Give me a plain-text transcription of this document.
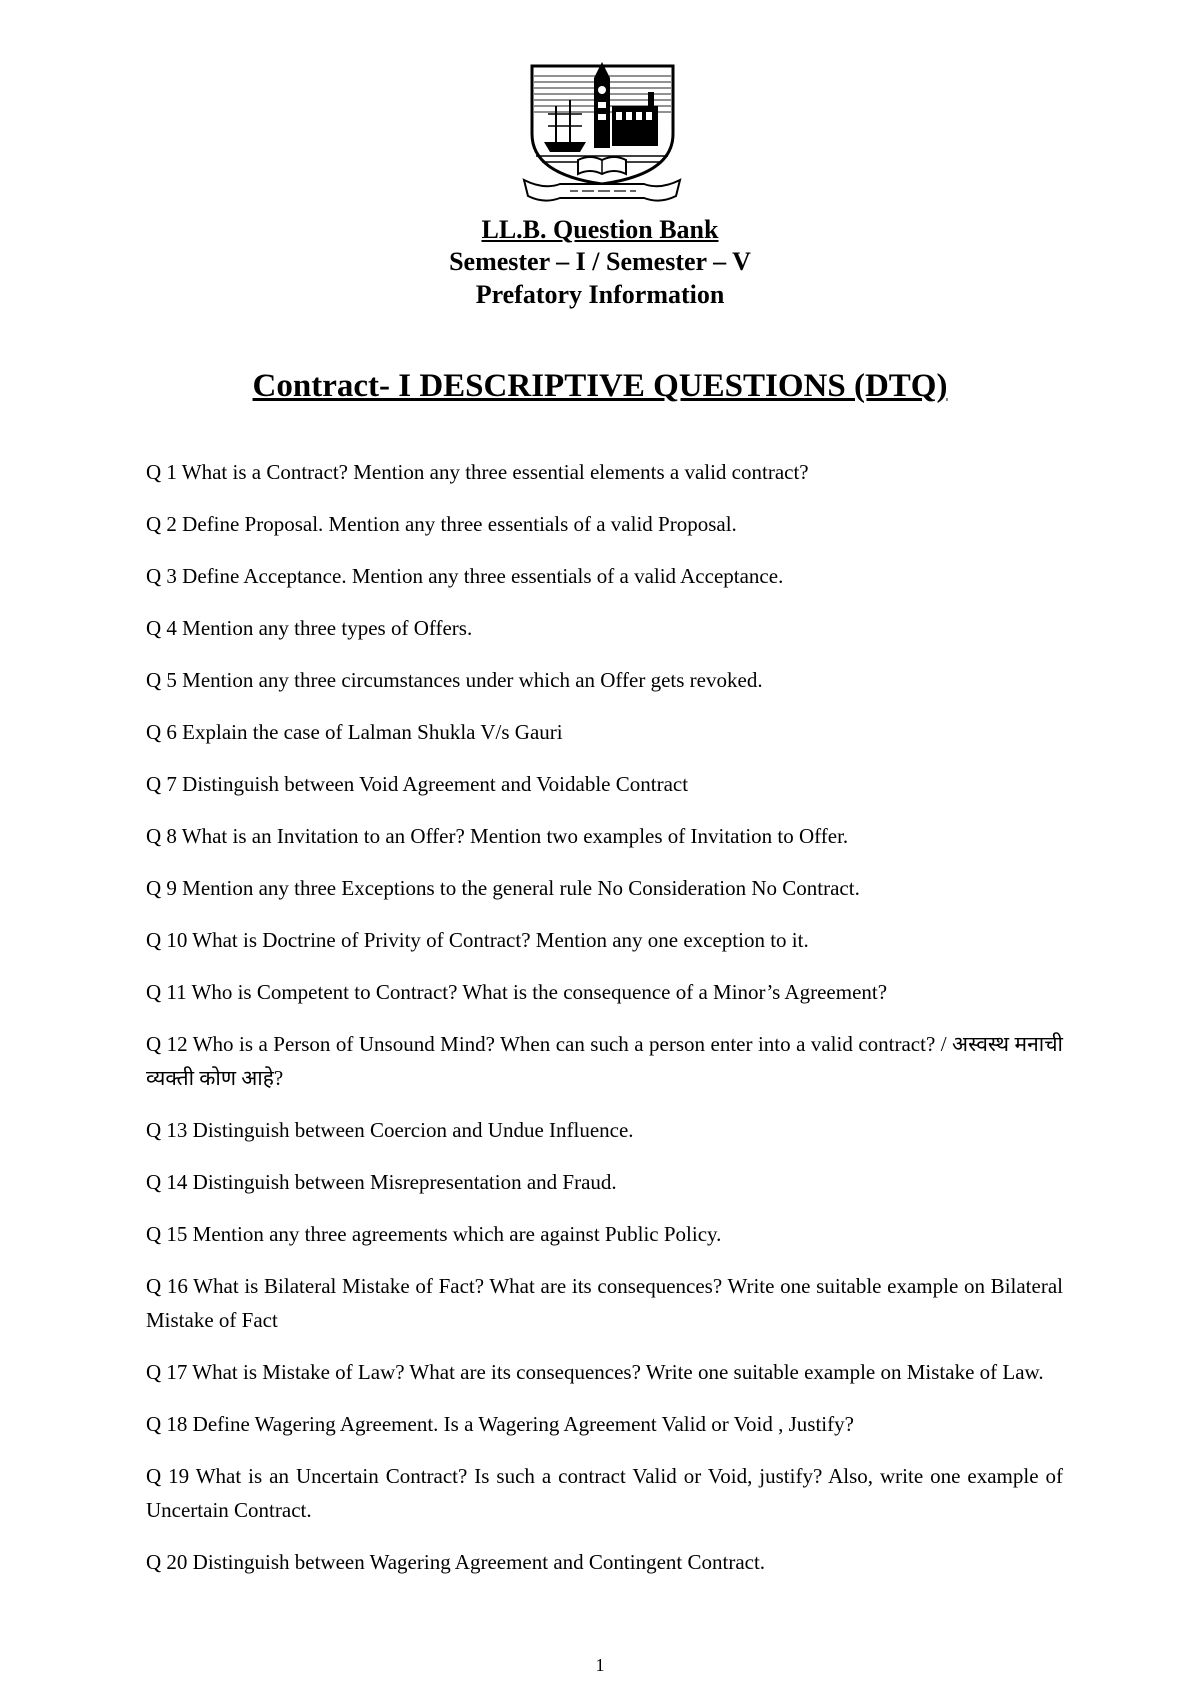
LL.B. Question Bank
Semester – I / Semester – V
Prefatory Information
Contract- I DESCRIPTIVE QUESTIONS (DTQ)
Q 1 What is a Contract? Mention any three essential elements a valid contract?
Q 2 Define Proposal. Mention any three essentials of a valid Proposal.
Q 3 Define Acceptance. Mention any three essentials of a valid Acceptance.
Q 4 Mention any three types of Offers.
Q 5 Mention any three circumstances under which an Offer gets revoked.
Q 6 Explain the case of Lalman Shukla V/s Gauri
Q 7 Distinguish between Void Agreement and Voidable Contract
Q 8 What is an Invitation to an Offer? Mention two examples of Invitation to Offer.
Q 9 Mention any three Exceptions to the general rule No Consideration No Contract.
Q 10 What is Doctrine of Privity of Contract? Mention any one exception to it.
Q 11 Who is Competent to Contract? What is the consequence of a Minor’s Agreement?
Q 12 Who is a Person of Unsound Mind? When can such a person enter into a valid contract? / अस्वस्थ मनाची व्यक्ती कोण आहे?
Q 13 Distinguish between Coercion and Undue Influence.
Q 14 Distinguish between Misrepresentation and Fraud.
Q 15 Mention any three agreements which are against Public Policy.
Q 16 What is Bilateral Mistake of Fact? What are its consequences? Write one suitable example on Bilateral Mistake of Fact
Q 17 What is Mistake of Law? What are its consequences? Write one suitable example on Mistake of Law.
Q 18 Define Wagering Agreement. Is a Wagering Agreement Valid or Void , Justify?
Q 19 What is an Uncertain Contract? Is such a contract Valid or Void, justify? Also, write one example of Uncertain Contract.
Q 20 Distinguish between Wagering Agreement and Contingent Contract.
1
